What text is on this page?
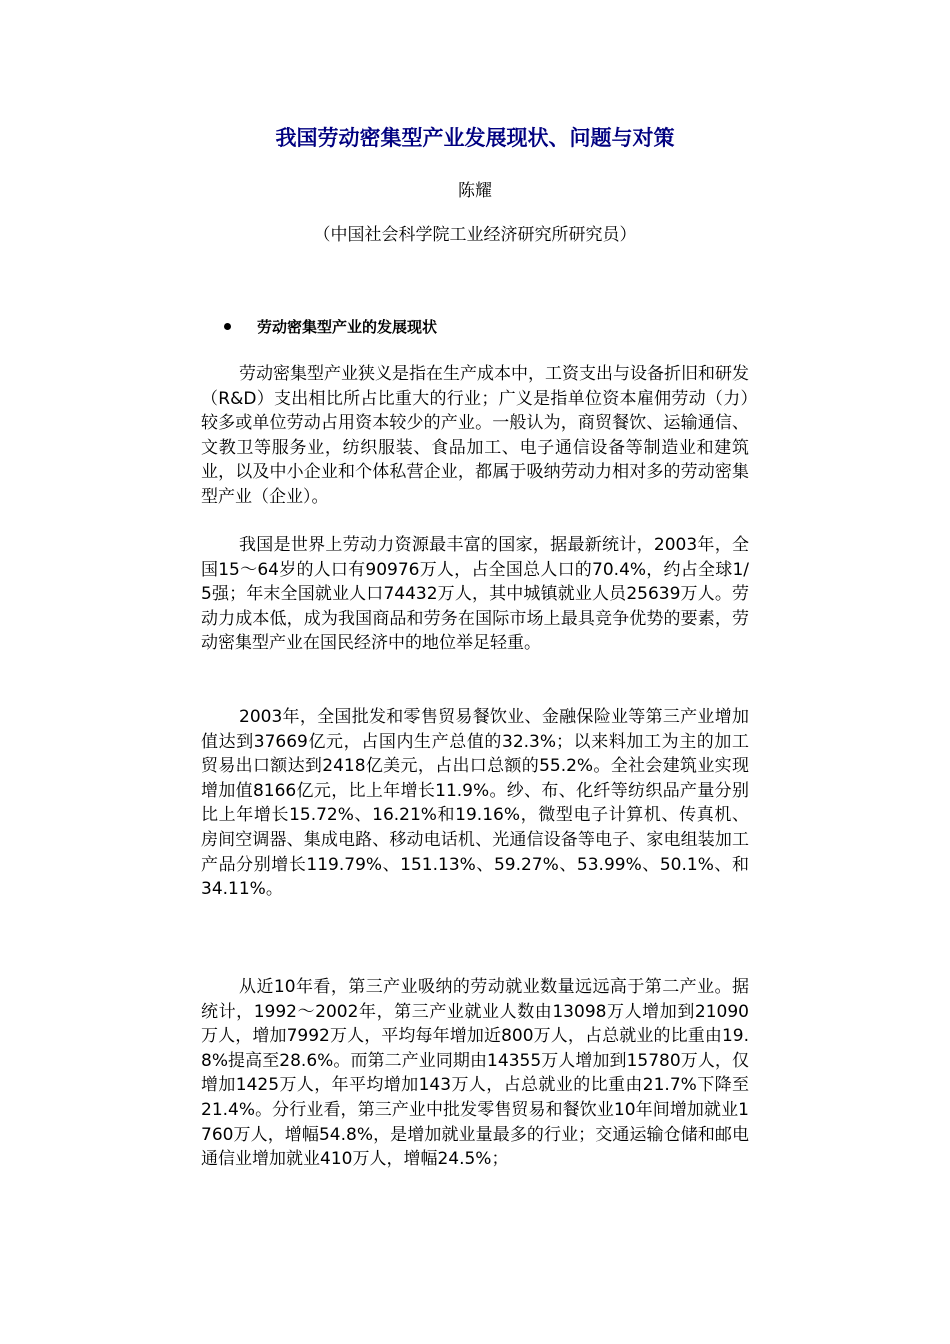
我国劳动密集型产业发展现状、问题与对策

陈耀

（中国社会科学院工业经济研究所研究员）

劳动密集型产业的发展现状

劳动密集型产业狭义是指在生产成本中，工资支出与设备折旧和研发（R&D）支出相比所占比重大的行业；广义是指单位资本雇佣劳动（力）较多或单位劳动占用资本较少的产业。一般认为，商贸餐饮、运输通信、文教卫等服务业，纺织服装、食品加工、电子通信设备等制造业和建筑业，以及中小企业和个体私营企业，都属于吸纳劳动力相对多的劳动密集型产业（企业）。

我国是世界上劳动力资源最丰富的国家，据最新统计，2003年，全国15～64岁的人口有90976万人，占全国总人口的70.4%，约占全球1/5强；年末全国就业人口74432万人，其中城镇就业人员25639万人。劳动力成本低，成为我国商品和劳务在国际市场上最具竞争优势的要素，劳动密集型产业在国民经济中的地位举足轻重。

2003年，全国批发和零售贸易餐饮业、金融保险业等第三产业增加值达到37669亿元，占国内生产总值的32.3%；以来料加工为主的加工贸易出口额达到2418亿美元，占出口总额的55.2%。全社会建筑业实现增加值8166亿元，比上年增长11.9%。纱、布、化纤等纺织品产量分别比上年增长15.72%、16.21%和19.16%，微型电子计算机、传真机、房间空调器、集成电路、移动电话机、光通信设备等电子、家电组装加工产品分别增长119.79%、151.13%、59.27%、53.99%、50.1%、和34.11%。

从近10年看，第三产业吸纳的劳动就业数量远远高于第二产业。据统计，1992～2002年，第三产业就业人数由13098万人增加到21090万人，增加7992万人，平均每年增加近800万人，占总就业的比重由19.8%提高至28.6%。而第二产业同期由14355万人增加到15780万人，仅增加1425万人，年平均增加143万人，占总就业的比重由21.7%下降至21.4%。分行业看，第三产业中批发零售贸易和餐饮业10年间增加就业1760万人，增幅54.8%，是增加就业量最多的行业；交通运输仓储和邮电通信业增加就业410万人，增幅24.5%；
